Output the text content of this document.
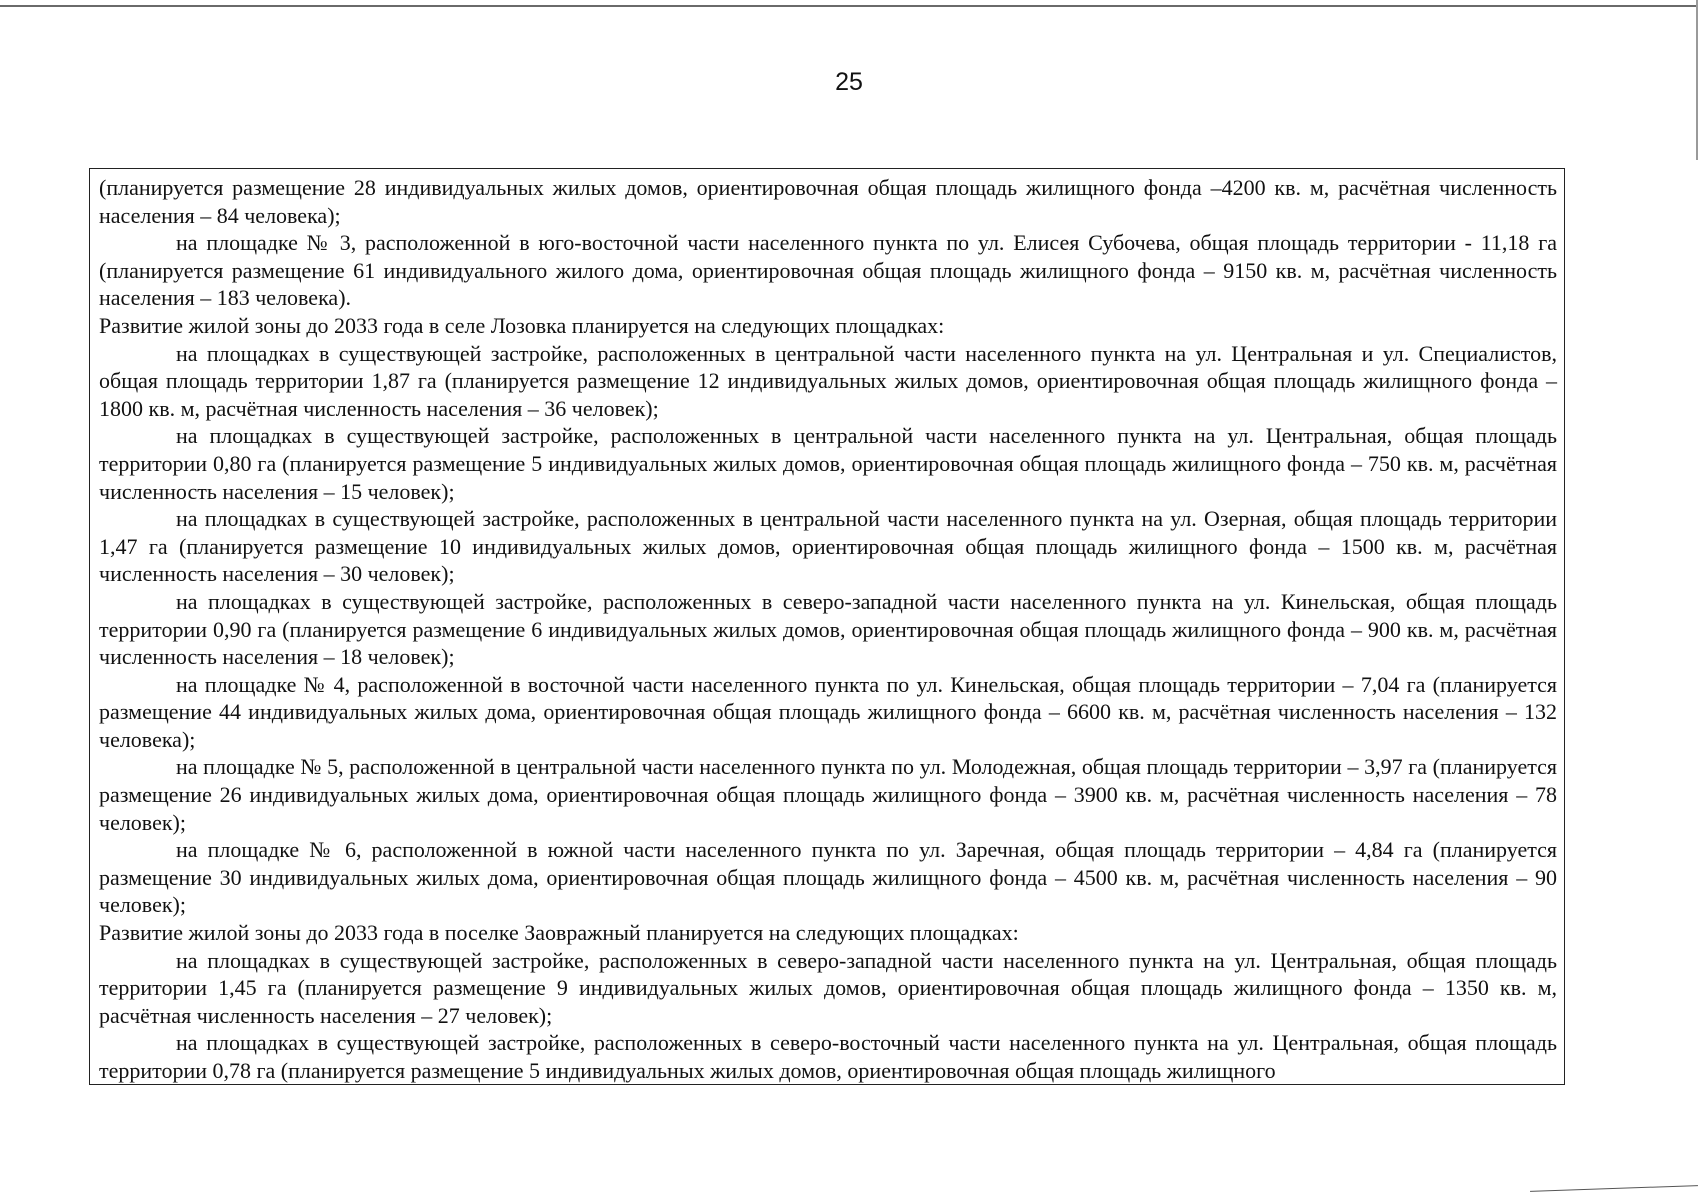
25

(планируется размещение 28 индивидуальных жилых домов, ориентировочная общая площадь жилищного фонда –4200 кв. м, расчётная численность населения – 84 человека);

на площадке № 3, расположенной в юго-восточной части населенного пункта по ул. Елисея Субочева, общая площадь территории - 11,18 га (планируется размещение 61 индивидуального жилого дома, ориентировочная общая площадь жилищного фонда – 9150 кв. м, расчётная численность населения – 183 человека).

Развитие жилой зоны до 2033 года в селе Лозовка планируется на следующих площадках:

на площадках в существующей застройке, расположенных в центральной части населенного пункта на ул. Центральная и ул. Специалистов, общая площадь территории 1,87 га (планируется размещение 12 индивидуальных жилых домов, ориентировочная общая площадь жилищного фонда – 1800 кв. м, расчётная численность населения – 36 человек);

на площадках в существующей застройке, расположенных в центральной части населенного пункта на ул. Центральная, общая площадь территории 0,80 га (планируется размещение 5 индивидуальных жилых домов, ориентировочная общая площадь жилищного фонда – 750 кв. м, расчётная численность населения – 15 человек);

на площадках в существующей застройке, расположенных в центральной части населенного пункта на ул. Озерная, общая площадь территории 1,47 га (планируется размещение 10 индивидуальных жилых домов, ориентировочная общая площадь жилищного фонда – 1500 кв. м, расчётная численность населения – 30 человек);

на площадках в существующей застройке, расположенных в северо-западной части населенного пункта на ул. Кинельская, общая площадь территории 0,90 га (планируется размещение 6 индивидуальных жилых домов, ориентировочная общая площадь жилищного фонда – 900 кв. м, расчётная численность населения – 18 человек);

на площадке № 4, расположенной в восточной части населенного пункта по ул. Кинельская, общая площадь территории – 7,04 га (планируется размещение 44 индивидуальных жилых дома, ориентировочная общая площадь жилищного фонда – 6600 кв. м, расчётная численность населения – 132 человека);

на площадке № 5, расположенной в центральной части населенного пункта по ул. Молодежная, общая площадь территории – 3,97 га (планируется размещение 26 индивидуальных жилых дома, ориентировочная общая площадь жилищного фонда – 3900 кв. м, расчётная численность населения – 78 человек);

на площадке № 6, расположенной в южной части населенного пункта по ул. Заречная, общая площадь территории – 4,84 га (планируется размещение 30 индивидуальных жилых дома, ориентировочная общая площадь жилищного фонда – 4500 кв. м, расчётная численность населения – 90 человек);

Развитие жилой зоны до 2033 года в поселке Заовражный планируется на следующих площадках:

на площадках в существующей застройке, расположенных в северо-западной части населенного пункта на ул. Центральная, общая площадь территории 1,45 га (планируется размещение 9 индивидуальных жилых домов, ориентировочная общая площадь жилищного фонда – 1350 кв. м, расчётная численность населения – 27 человек);

на площадках в существующей застройке, расположенных в северо-восточный части населенного пункта на ул. Центральная, общая площадь территории 0,78 га (планируется размещение 5 индивидуальных жилых домов, ориентировочная общая площадь жилищного
